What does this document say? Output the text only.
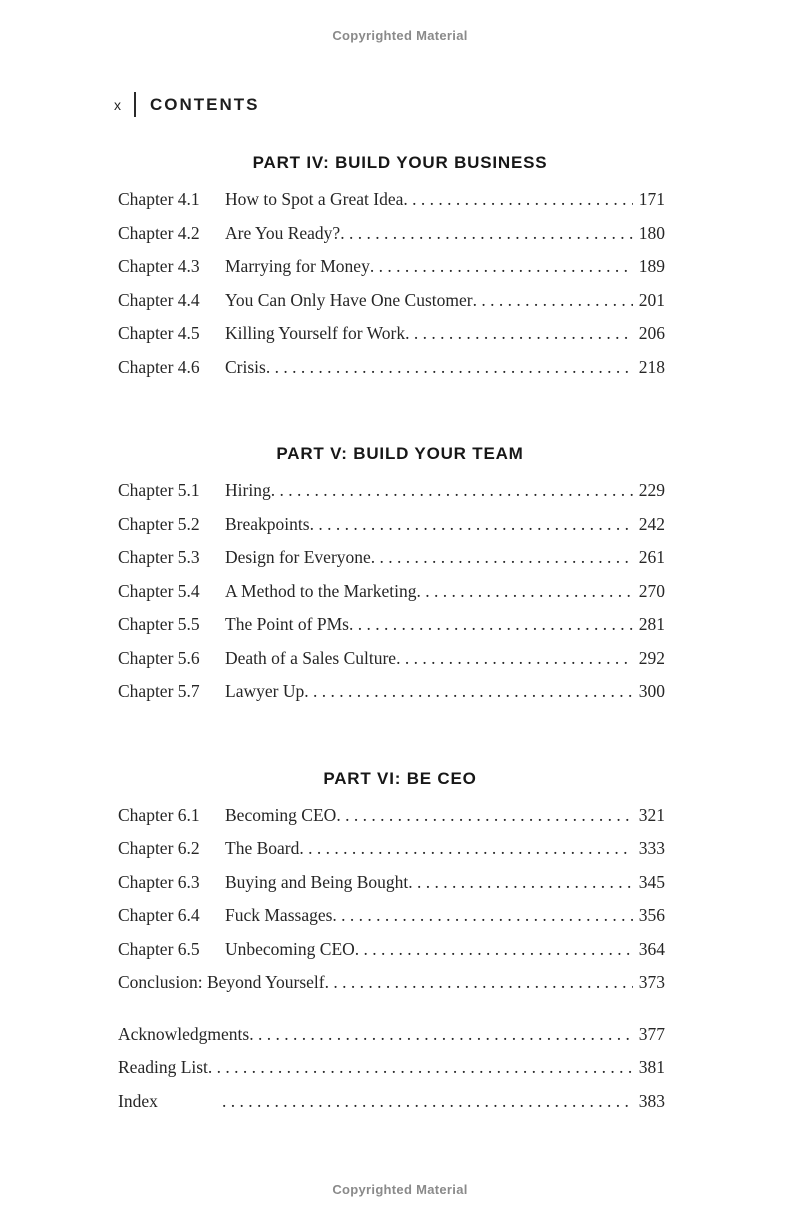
Copyrighted Material
x CONTENTS
PART IV: BUILD YOUR BUSINESS
Chapter 4.1	How to Spot a Great Idea . . .	171
Chapter 4.2	Are You Ready? . . .	180
Chapter 4.3	Marrying for Money . . .	189
Chapter 4.4	You Can Only Have One Customer . . .	201
Chapter 4.5	Killing Yourself for Work . . .	206
Chapter 4.6	Crisis . . .	218
PART V: BUILD YOUR TEAM
Chapter 5.1	Hiring . . .	229
Chapter 5.2	Breakpoints . . .	242
Chapter 5.3	Design for Everyone . . .	261
Chapter 5.4	A Method to the Marketing . . .	270
Chapter 5.5	The Point of PMs . . .	281
Chapter 5.6	Death of a Sales Culture . . .	292
Chapter 5.7	Lawyer Up . . .	300
PART VI: BE CEO
Chapter 6.1	Becoming CEO . . .	321
Chapter 6.2	The Board . . .	333
Chapter 6.3	Buying and Being Bought . . .	345
Chapter 6.4	Fuck Massages . . .	356
Chapter 6.5	Unbecoming CEO . . .	364
Conclusion: Beyond Yourself . . .	373
Acknowledgments . . .	377
Reading List . . .	381
Index . . .	383
Copyrighted Material
